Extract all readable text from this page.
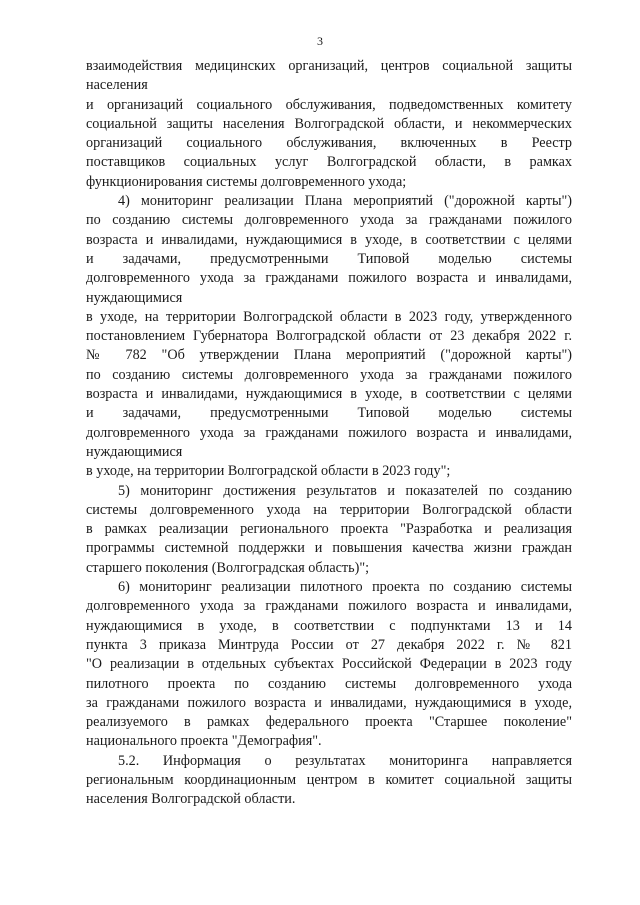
3
взаимодействия медицинских организаций, центров социальной защиты
населения
и организаций социального обслуживания, подведомственных комитету
социальной защиты населения Волгоградской области, и некоммерческих
организаций социального обслуживания, включенных в Реестр
поставщиков социальных услуг Волгоградской области, в рамках
функционирования системы долговременного ухода;
4) мониторинг реализации Плана мероприятий ("дорожной карты")
по созданию системы долговременного ухода за гражданами пожилого
возраста и инвалидами, нуждающимися в уходе, в соответствии с целями
и задачами, предусмотренными Типовой моделью системы
долговременного ухода за гражданами пожилого возраста и инвалидами,
нуждающимися
в уходе, на территории Волгоградской области в 2023 году, утвержденного
постановлением Губернатора Волгоградской области от 23 декабря 2022 г.
№ 782 "Об утверждении Плана мероприятий ("дорожной карты")
по созданию системы долговременного ухода за гражданами пожилого
возраста и инвалидами, нуждающимися в уходе, в соответствии с целями
и задачами, предусмотренными Типовой моделью системы
долговременного ухода за гражданами пожилого возраста и инвалидами,
нуждающимися
в уходе, на территории Волгоградской области в 2023 году";
5) мониторинг достижения результатов и показателей по созданию
системы долговременного ухода на территории Волгоградской области
в рамках реализации регионального проекта "Разработка и реализация
программы системной поддержки и повышения качества жизни граждан
старшего поколения (Волгоградская область)";
6) мониторинг реализации пилотного проекта по созданию системы
долговременного ухода за гражданами пожилого возраста и инвалидами,
нуждающимися в уходе, в соответствии с подпунктами 13 и 14
пункта 3 приказа Минтруда России от 27 декабря 2022 г. № 821
"О реализации в отдельных субъектах Российской Федерации в 2023 году
пилотного проекта по созданию системы долговременного ухода
за гражданами пожилого возраста и инвалидами, нуждающимися в уходе,
реализуемого в рамках федерального проекта "Старшее поколение"
национального проекта "Демография".
5.2. Информация о результатах мониторинга направляется
региональным координационным центром в комитет социальной защиты
населения Волгоградской области.
